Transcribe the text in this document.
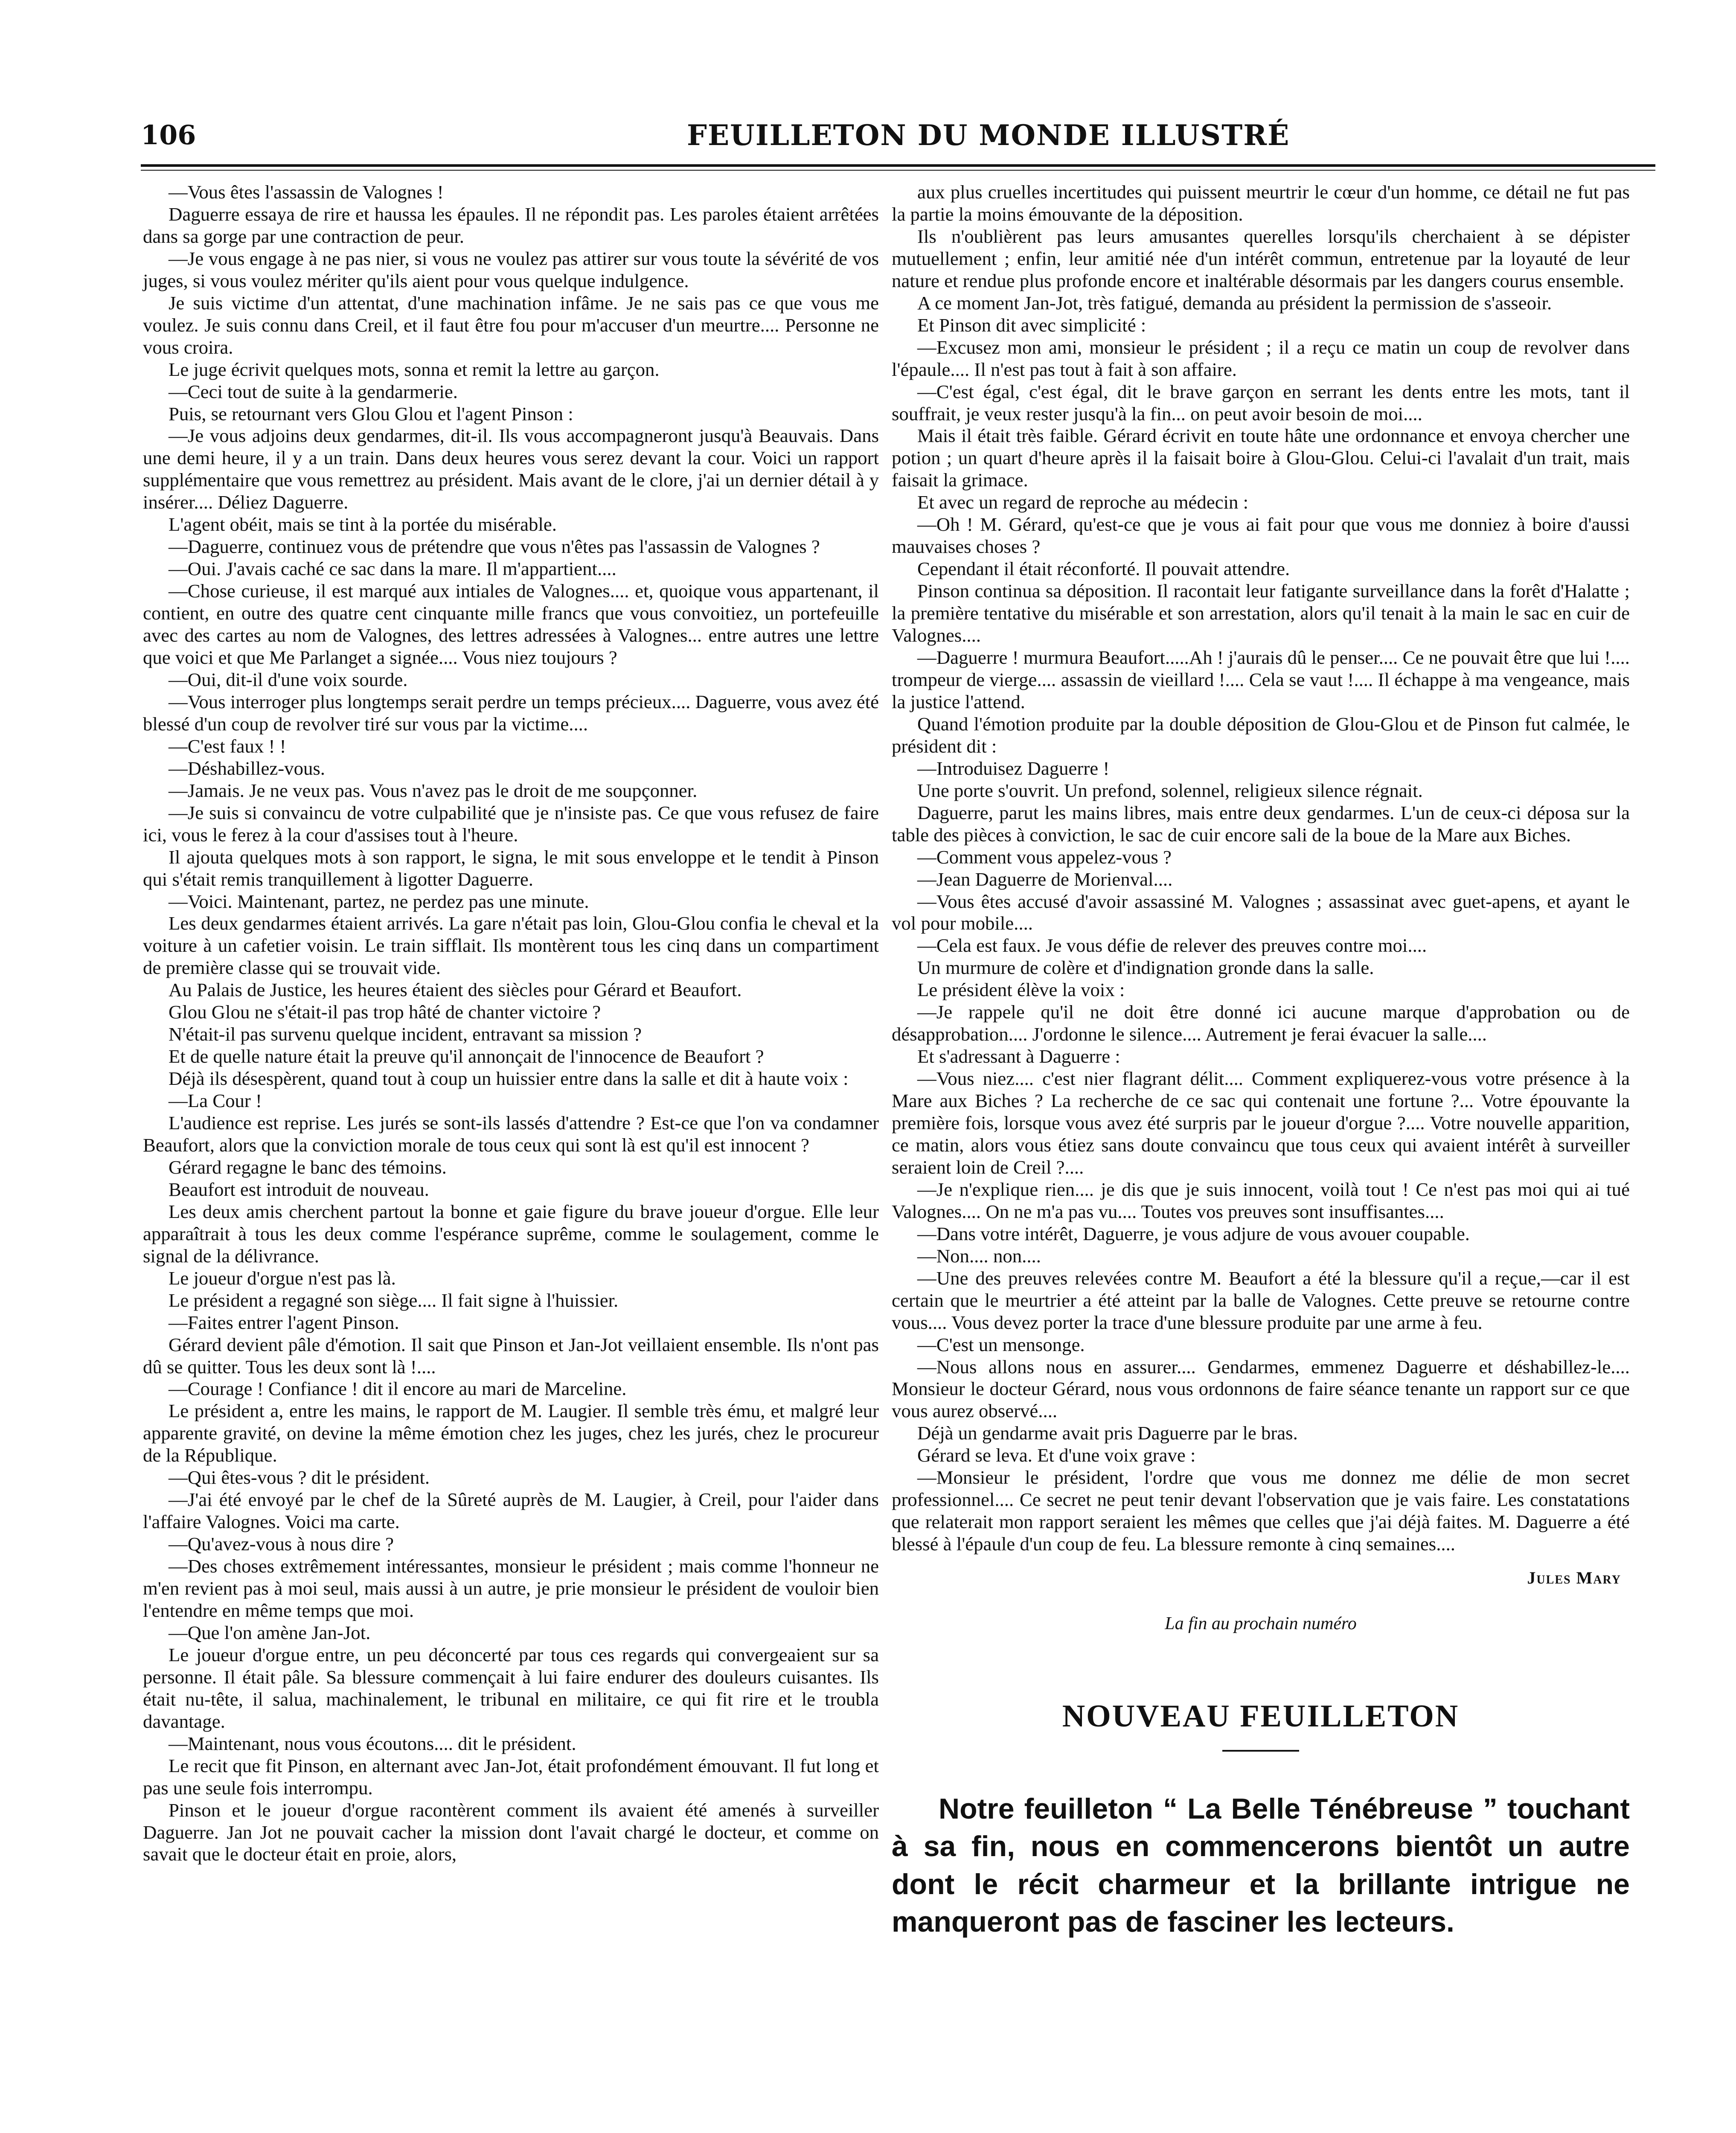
106	FEUILLETON DU MONDE ILLUSTRÉ

—Vous êtes l'assassin de Valognes !

Daguerre essaya de rire et haussa les épaules. Il ne répondit pas. Les paroles étaient arrêtées dans sa gorge par une contraction de peur.

—Je vous engage à ne pas nier, si vous ne voulez pas attirer sur vous toute la sévérité de vos juges, si vous voulez mériter qu'ils aient pour vous quelque indulgence.

Je suis victime d'un attentat, d'une machination infâme. Je ne sais pas ce que vous me voulez. Je suis connu dans Creil, et il faut être fou pour m'accuser d'un meurtre.... Personne ne vous croira.

Le juge écrivit quelques mots, sonna et remit la lettre au garçon.

—Ceci tout de suite à la gendarmerie.

Puis, se retournant vers Glou Glou et l'agent Pinson :

—Je vous adjoins deux gendarmes, dit-il. Ils vous accompagneront jusqu'à Beauvais. Dans une demi heure, il y a un train. Dans deux heures vous serez devant la cour. Voici un rapport supplémentaire que vous remettrez au président. Mais avant de le clore, j'ai un dernier détail à y insérer.... Déliez Daguerre.

L'agent obéit, mais se tint à la portée du misérable.

—Daguerre, continuez vous de prétendre que vous n'êtes pas l'assassin de Valognes ?

—Oui. J'avais caché ce sac dans la mare. Il m'appartient....

—Chose curieuse, il est marqué aux intiales de Valognes.... et, quoique vous appartenant, il contient, en outre des quatre cent cinquante mille francs que vous convoitiez, un portefeuille avec des cartes au nom de Valognes, des lettres adressées à Valognes... entre autres une lettre que voici et que Me Parlanget a signée.... Vous niez toujours ?

—Oui, dit-il d'une voix sourde.

—Vous interroger plus longtemps serait perdre un temps précieux.... Daguerre, vous avez été blessé d'un coup de revolver tiré sur vous par la victime....

—C'est faux ! !

—Déshabillez-vous.

—Jamais. Je ne veux pas. Vous n'avez pas le droit de me soupçonner.

—Je suis si convaincu de votre culpabilité que je n'insiste pas. Ce que vous refusez de faire ici, vous le ferez à la cour d'assises tout à l'heure.

Il ajouta quelques mots à son rapport, le signa, le mit sous enveloppe et le tendit à Pinson qui s'était remis tranquillement à ligotter Daguerre.

—Voici. Maintenant, partez, ne perdez pas une minute.

Les deux gendarmes étaient arrivés. La gare n'était pas loin, Glou-Glou confia le cheval et la voiture à un cafetier voisin. Le train sifflait. Ils montèrent tous les cinq dans un compartiment de première classe qui se trouvait vide.

Au Palais de Justice, les heures étaient des siècles pour Gérard et Beaufort.

Glou Glou ne s'était-il pas trop hâté de chanter victoire ?

N'était-il pas survenu quelque incident, entravant sa mission ?

Et de quelle nature était la preuve qu'il annonçait de l'innocence de Beaufort ?

Déjà ils désespèrent, quand tout à coup un huissier entre dans la salle et dit à haute voix :

—La Cour !

L'audience est reprise. Les jurés se sont-ils lassés d'attendre ? Est-ce que l'on va condamner Beaufort, alors que la conviction morale de tous ceux qui sont là est qu'il est innocent ?

Gérard regagne le banc des témoins.

Beaufort est introduit de nouveau.

Les deux amis cherchent partout la bonne et gaie figure du brave joueur d'orgue. Elle leur apparaîtrait à tous les deux comme l'espérance suprême, comme le soulagement, comme le signal de la délivrance.

Le joueur d'orgue n'est pas là.

Le président a regagné son siège.... Il fait signe à l'huissier.

—Faites entrer l'agent Pinson.

Gérard devient pâle d'émotion. Il sait que Pinson et Jan-Jot veillaient ensemble. Ils n'ont pas dû se quitter. Tous les deux sont là !....

—Courage ! Confiance ! dit il encore au mari de Marceline.

Le président a, entre les mains, le rapport de M. Laugier. Il semble très ému, et malgré leur apparente gravité, on devine la même émotion chez les juges, chez les jurés, chez le procureur de la République.

—Qui êtes-vous ? dit le président.

—J'ai été envoyé par le chef de la Sûreté auprès de M. Laugier, à Creil, pour l'aider dans l'affaire Valognes. Voici ma carte.

—Qu'avez-vous à nous dire ?

—Des choses extrêmement intéressantes, monsieur le président ; mais comme l'honneur ne m'en revient pas à moi seul, mais aussi à un autre, je prie monsieur le président de vouloir bien l'entendre en même temps que moi.

—Que l'on amène Jan-Jot.

Le joueur d'orgue entre, un peu déconcerté par tous ces regards qui convergeaient sur sa personne. Il était pâle. Sa blessure commençait à lui faire endurer des douleurs cuisantes. Ils était nu-tête, il salua, machinalement, le tribunal en militaire, ce qui fit rire et le troubla davantage.

—Maintenant, nous vous écoutons.... dit le président.

Le recit que fit Pinson, en alternant avec Jan-Jot, était profondément émouvant. Il fut long et pas une seule fois interrompu.

Pinson et le joueur d'orgue racontèrent comment ils avaient été amenés à surveiller Daguerre. Jan Jot ne pouvait cacher la mission dont l'avait chargé le docteur, et comme on savait que le docteur était en proie, alors,

aux plus cruelles incertitudes qui puissent meurtrir le cœur d'un homme, ce détail ne fut pas la partie la moins émouvante de la déposition.

Ils n'oublièrent pas leurs amusantes querelles lorsqu'ils cherchaient à se dépister mutuellement ; enfin, leur amitié née d'un intérêt commun, entretenue par la loyauté de leur nature et rendue plus profonde encore et inaltérable désormais par les dangers courus ensemble.

A ce moment Jan-Jot, très fatigué, demanda au président la permission de s'asseoir.

Et Pinson dit avec simplicité :

—Excusez mon ami, monsieur le président ; il a reçu ce matin un coup de revolver dans l'épaule.... Il n'est pas tout à fait à son affaire.

—C'est égal, c'est égal, dit le brave garçon en serrant les dents entre les mots, tant il souffrait, je veux rester jusqu'à la fin... on peut avoir besoin de moi....

Mais il était très faible. Gérard écrivit en toute hâte une ordonnance et envoya chercher une potion ; un quart d'heure après il la faisait boire à Glou-Glou. Celui-ci l'avalait d'un trait, mais faisait la grimace.

Et avec un regard de reproche au médecin :

—Oh ! M. Gérard, qu'est-ce que je vous ai fait pour que vous me donniez à boire d'aussi mauvaises choses ?

Cependant il était réconforté. Il pouvait attendre.

Pinson continua sa déposition. Il racontait leur fatigante surveillance dans la forêt d'Halatte ; la première tentative du misérable et son arrestation, alors qu'il tenait à la main le sac en cuir de Valognes....

—Daguerre ! murmura Beaufort.....Ah ! j'aurais dû le penser.... Ce ne pouvait être que lui !.... trompeur de vierge.... assassin de vieillard !.... Cela se vaut !.... Il échappe à ma vengeance, mais la justice l'attend.

Quand l'émotion produite par la double déposition de Glou-Glou et de Pinson fut calmée, le président dit :

—Introduisez Daguerre !

Une porte s'ouvrit. Un prefond, solennel, religieux silence régnait.

Daguerre, parut les mains libres, mais entre deux gendarmes. L'un de ceux-ci déposa sur la table des pièces à conviction, le sac de cuir encore sali de la boue de la Mare aux Biches.

—Comment vous appelez-vous ?

—Jean Daguerre de Morienval....

—Vous êtes accusé d'avoir assassiné M. Valognes ; assassinat avec guet-apens, et ayant le vol pour mobile....

—Cela est faux. Je vous défie de relever des preuves contre moi....

Un murmure de colère et d'indignation gronde dans la salle.

Le président élève la voix :

—Je rappele qu'il ne doit être donné ici aucune marque d'approbation ou de désapprobation.... J'ordonne le silence.... Autrement je ferai évacuer la salle....

Et s'adressant à Daguerre :

—Vous niez.... c'est nier flagrant délit.... Comment expliquerez-vous votre présence à la Mare aux Biches ? La recherche de ce sac qui contenait une fortune ?... Votre épouvante la première fois, lorsque vous avez été surpris par le joueur d'orgue ?.... Votre nouvelle apparition, ce matin, alors vous étiez sans doute convaincu que tous ceux qui avaient intérêt à surveiller seraient loin de Creil ?....

—Je n'explique rien.... je dis que je suis innocent, voilà tout ! Ce n'est pas moi qui ai tué Valognes.... On ne m'a pas vu.... Toutes vos preuves sont insuffisantes....

—Dans votre intérêt, Daguerre, je vous adjure de vous avouer coupable.

—Non.... non....

—Une des preuves relevées contre M. Beaufort a été la blessure qu'il a reçue,—car il est certain que le meurtrier a été atteint par la balle de Valognes. Cette preuve se retourne contre vous.... Vous devez porter la trace d'une blessure produite par une arme à feu.

—C'est un mensonge.

—Nous allons nous en assurer.... Gendarmes, emmenez Daguerre et déshabillez-le.... Monsieur le docteur Gérard, nous vous ordonnons de faire séance tenante un rapport sur ce que vous aurez observé....

Déjà un gendarme avait pris Daguerre par le bras.

Gérard se leva. Et d'une voix grave :

—Monsieur le président, l'ordre que vous me donnez me délie de mon secret professionnel.... Ce secret ne peut tenir devant l'observation que je vais faire. Les constatations que relaterait mon rapport seraient les mêmes que celles que j'ai déjà faites. M. Daguerre a été blessé à l'épaule d'un coup de feu. La blessure remonte à cinq semaines....

Jules Mary
La fin au prochain numéro
NOUVEAU FEUILLETON

Notre feuilleton “ La Belle Ténébreuse ” touchant à sa fin, nous en commencerons bientôt un autre dont le récit charmeur et la brillante intrigue ne manqueront pas de fasciner les lecteurs.
